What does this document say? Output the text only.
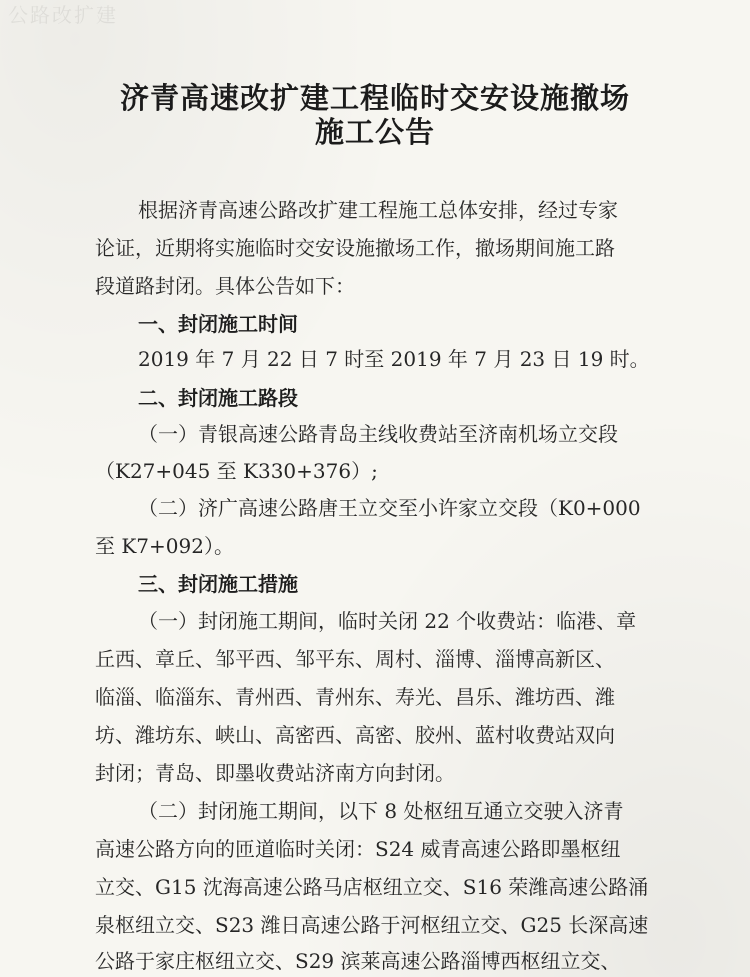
公路改扩建
济青高速改扩建工程临时交安设施撤场
施工公告
根据济青高速公路改扩建工程施工总体安排，经过专家
论证，近期将实施临时交安设施撤场工作，撤场期间施工路
段道路封闭。具体公告如下：
一、封闭施工时间
2019 年 7 月 22 日 7 时至 2019 年 7 月 23 日 19 时。
二、封闭施工路段
（一）青银高速公路青岛主线收费站至济南机场立交段
（K27+045 至 K330+376）;
（二）济广高速公路唐王立交至小许家立交段（K0+000
至 K7+092）。
三、封闭施工措施
（一）封闭施工期间，临时关闭 22 个收费站：临港、章
丘西、章丘、邹平西、邹平东、周村、淄博、淄博高新区、
临淄、临淄东、青州西、青州东、寿光、昌乐、潍坊西、潍
坊、潍坊东、峡山、高密西、高密、胶州、蓝村收费站双向
封闭；青岛、即墨收费站济南方向封闭。
（二）封闭施工期间，以下 8 处枢纽互通立交驶入济青
高速公路方向的匝道临时关闭：S24 威青高速公路即墨枢纽
立交、G15 沈海高速公路马店枢纽立交、S16 荣潍高速公路涌
泉枢纽立交、S23 潍日高速公路于河枢纽立交、G25 长深高速
公路于家庄枢纽立交、S29 滨莱高速公路淄博西枢纽立交、
